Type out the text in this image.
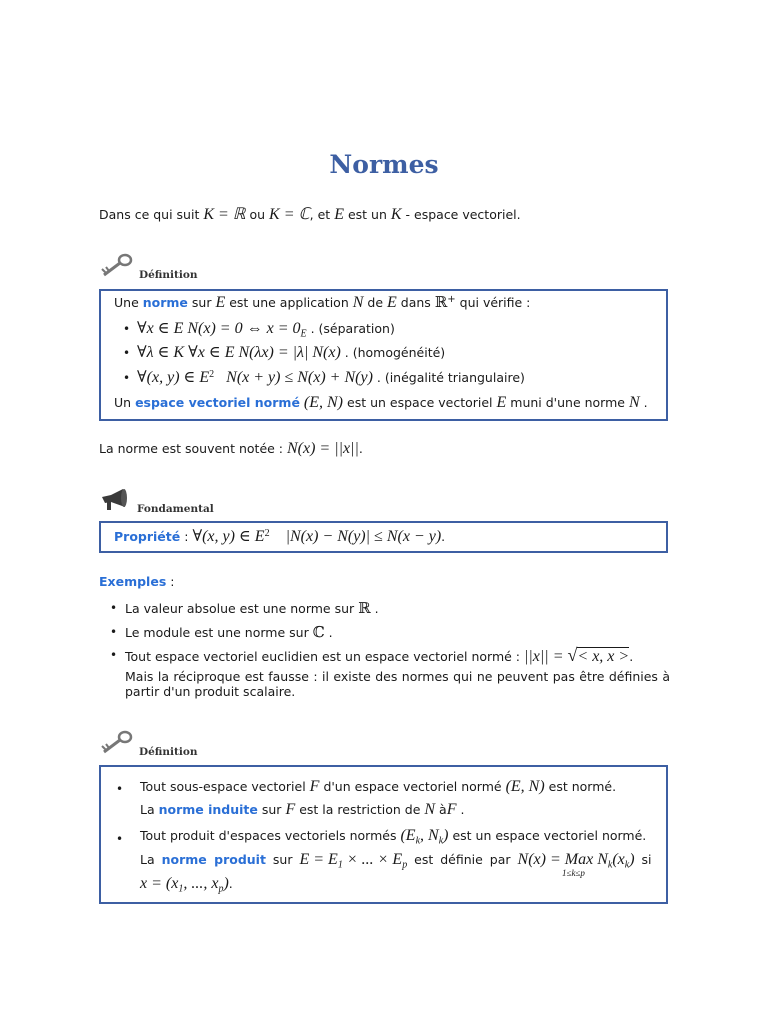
Normes
Dans ce qui suit K = ℝ ou K = ℂ, et E est un K - espace vectoriel.
Définition
Une norme sur E est une application N de E dans ℝ+ qui vérifie :
• ∀x ∈ E N(x) = 0 ⇔ $x = 0_E$ . (séparation)
• ∀λ ∈ K ∀x ∈ E N(λx) = |λ| N(x) . (homogénéité)
• ∀(x, y) ∈ $E^2$   N(x + y) ≤ N(x) + N(y) . (inégalité triangulaire)
Un espace vectoriel normé (E, N) est un espace vectoriel E muni d'une norme N .
La norme est souvent notée : N(x) = ||x||.
Fondamental
Propriété : ∀(x, y) ∈ $E^2$    |N(x) − N(y)| ≤ N(x − y).
Exemples :
• La valeur absolue est une norme sur ℝ .
• Le module est une norme sur ℂ .
• Tout espace vectoriel euclidien est un espace vectoriel normé : ||x|| = √< x, x >.
Mais la réciproque est fausse : il existe des normes qui ne peuvent pas être définies à partir d'un produit scalaire.
Définition
• Tout sous-espace vectoriel F d'un espace vectoriel normé (E, N) est normé.
La norme induite sur F est la restriction de N àF .
• Tout produit d'espaces vectoriels normés ($E_k$, $N_k$) est un espace vectoriel normé.
La norme produit sur $E = E_1$ × ... × $E_p$ est définie par N(x) = Max $N_k(x_k)$ si
1≤k≤p
$x = (x_1$, ..., $x_p$).
